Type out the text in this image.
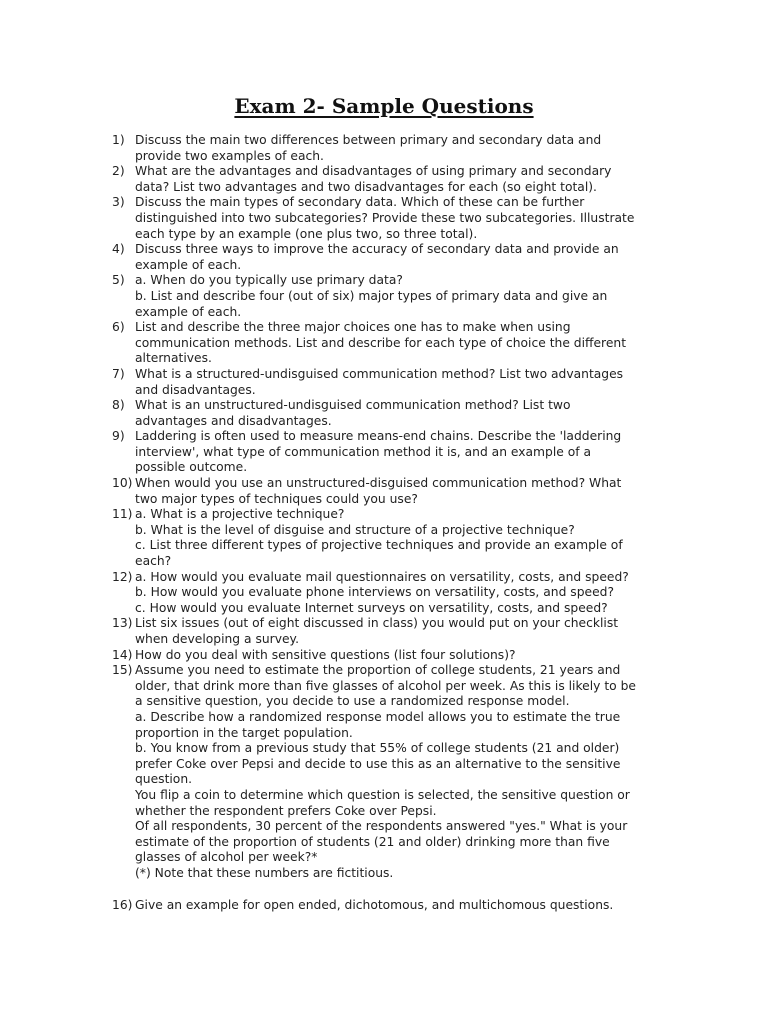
Exam 2- Sample Questions
1) Discuss the main two differences between primary and secondary data and
provide two examples of each.
2) What are the advantages and disadvantages of using primary and secondary
data? List two advantages and two disadvantages for each (so eight total).
3) Discuss the main types of secondary data. Which of these can be further
distinguished into two subcategories? Provide these two subcategories. Illustrate
each type by an example (one plus two, so three total).
4) Discuss three ways to improve the accuracy of secondary data and provide an
example of each.
5) a. When do you typically use primary data?
b. List and describe four (out of six) major types of primary data and give an
example of each.
6) List and describe the three major choices one has to make when using
communication methods. List and describe for each type of choice the different
alternatives.
7) What is a structured-undisguised communication method? List two advantages
and disadvantages.
8) What is an unstructured-undisguised communication method? List two
advantages and disadvantages.
9) Laddering is often used to measure means-end chains. Describe the 'laddering
interview', what type of communication method it is, and an example of a
possible outcome.
10) When would you use an unstructured-disguised communication method? What
two major types of techniques could you use?
11) a. What is a projective technique?
b. What is the level of disguise and structure of a projective technique?
c. List three different types of projective techniques and provide an example of
each?
12) a. How would you evaluate mail questionnaires on versatility, costs, and speed?
b. How would you evaluate phone interviews on versatility, costs, and speed?
c. How would you evaluate Internet surveys on versatility, costs, and speed?
13) List six issues (out of eight discussed in class) you would put on your checklist
when developing a survey.
14) How do you deal with sensitive questions (list four solutions)?
15) Assume you need to estimate the proportion of college students, 21 years and
older, that drink more than five glasses of alcohol per week. As this is likely to be
a sensitive question, you decide to use a randomized response model.
a. Describe how a randomized response model allows you to estimate the true
proportion in the target population.
b. You know from a previous study that 55% of college students (21 and older)
prefer Coke over Pepsi and decide to use this as an alternative to the sensitive
question.
You flip a coin to determine which question is selected, the sensitive question or
whether the respondent prefers Coke over Pepsi.
Of all respondents, 30 percent of the respondents answered "yes." What is your
estimate of the proportion of students (21 and older) drinking more than five
glasses of alcohol per week?*
(*) Note that these numbers are fictitious.
16) Give an example for open ended, dichotomous, and multichomous questions.
